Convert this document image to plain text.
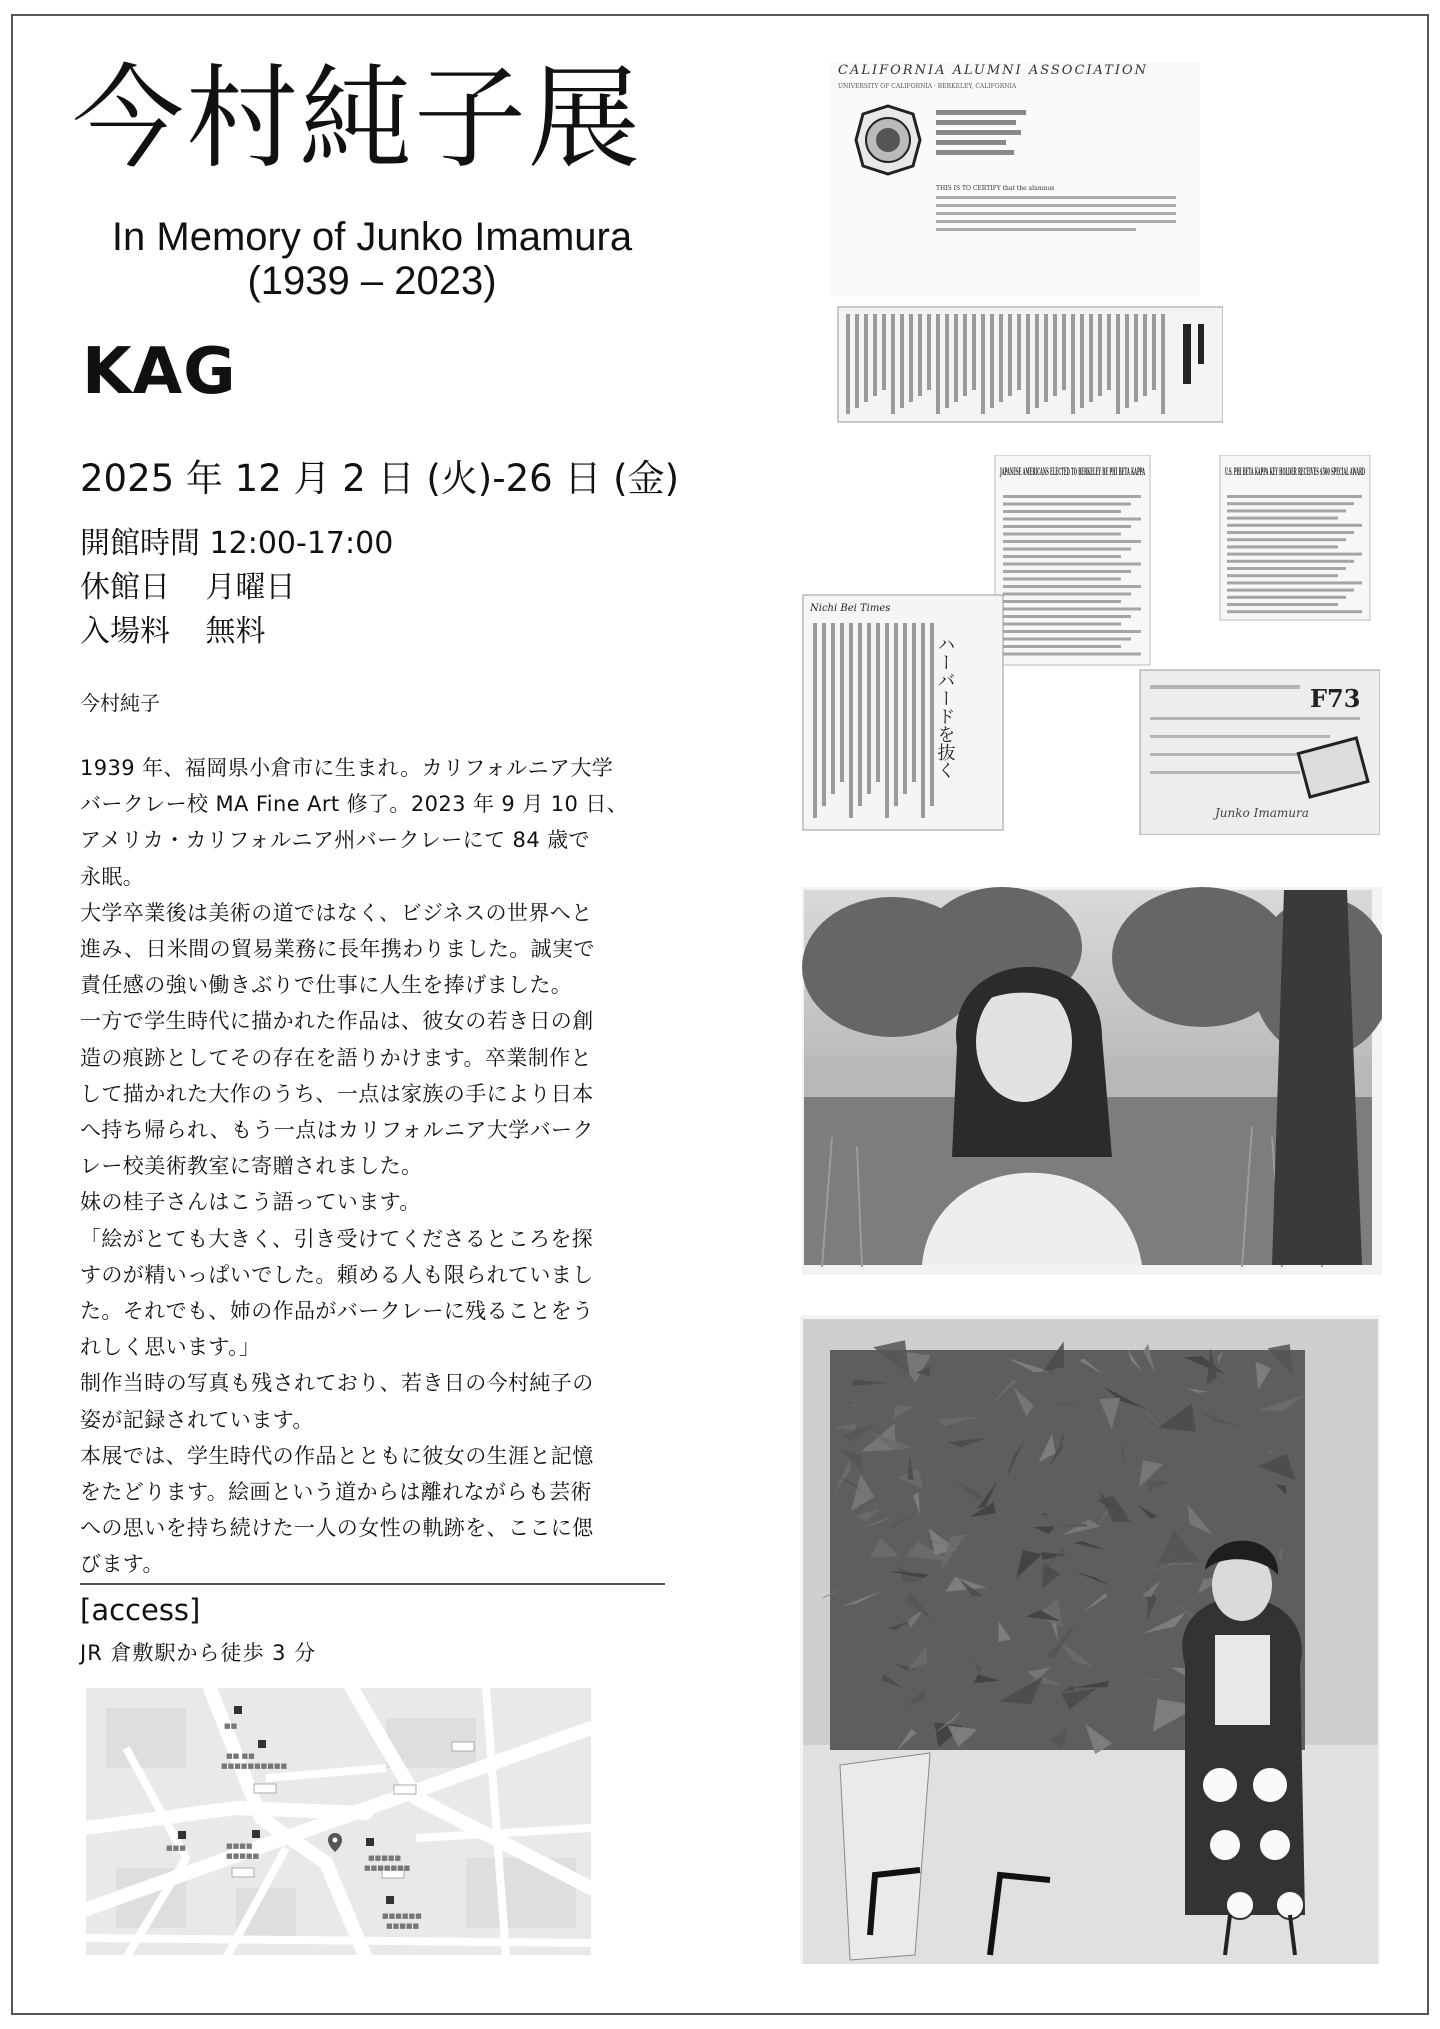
今村純子展
In Memory of Junko Imamura
(1939 – 2023)
KAG
2025 年 12 月 2 日 (火)-26 日 (金)
開館時間 12:00-17:00
休館日 月曜日
入場料 無料
今村純子

1939 年、福岡県小倉市に生まれ。カリフォルニア大学

バークレー校 MA Fine Art 修了。2023 年 9 月 10 日、

アメリカ・カリフォルニア州バークレーにて 84 歳で

永眠。

大学卒業後は美術の道ではなく、ビジネスの世界へと

進み、日米間の貿易業務に長年携わりました。誠実で

責任感の強い働きぶりで仕事に人生を捧げました。

一方で学生時代に描かれた作品は、彼女の若き日の創

造の痕跡としてその存在を語りかけます。卒業制作と

して描かれた大作のうち、一点は家族の手により日本

へ持ち帰られ、もう一点はカリフォルニア大学バーク

レー校美術教室に寄贈されました。

妹の桂子さんはこう語っています。

「絵がとても大きく、引き受けてくださるところを探

すのが精いっぱいでした。頼める人も限られていまし

た。それでも、姉の作品がバークレーに残ることをう

れしく思います。」

制作当時の写真も残されており、若き日の今村純子の

姿が記録されています。

本展では、学生時代の作品とともに彼女の生涯と記憶

をたどります。絵画という道からは離れながらも芸術

への思いを持ち続けた一人の女性の軌跡を、ここに偲

びます。

[access]
JR 倉敷駅から徒歩 3 分
■■
■■ ■■
■■■■■■■■■■
■■■	■■■■
■■■■■	■■■■■
■■■■■■■
■■■■■■
■■■■■
CALIFORNIA ALUMNI ASSOCIATION
UNIVERSITY OF CALIFORNIA · BERKELEY, CALIFORNIA
THIS IS TO CERTIFY that the alumnus
JAPANESE AMERICANS ELECTED TO BERKELEY BE PHI BETA KAPPA	U.S. PHI BETA KAPPA KEY HOLDER RECEIVES $500 SPECIAL AWARD
Nichi Bei Times
ハーバードを抜く	F73
Junko Imamura
